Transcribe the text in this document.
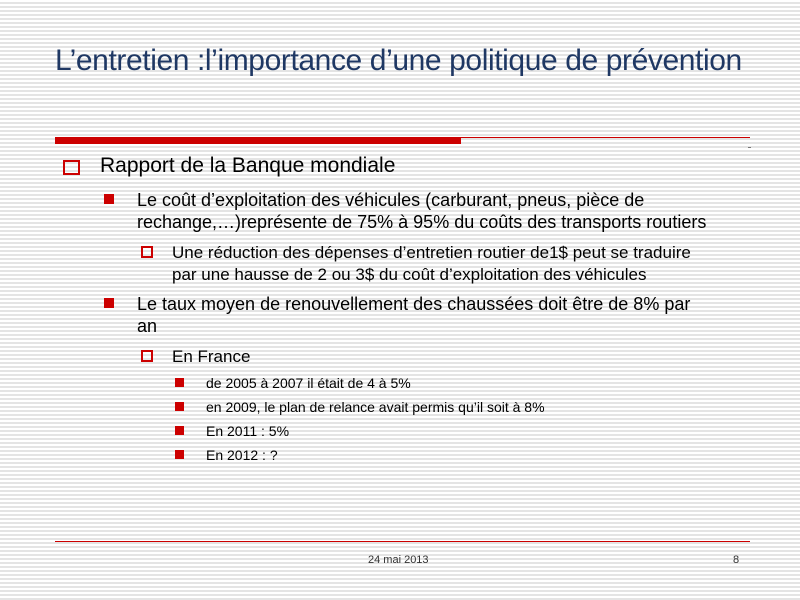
L’entretien :l’importance d’une politique de prévention
Rapport de la Banque mondiale
Le coût d’exploitation des véhicules (carburant, pneus, pièce de
rechange,…)représente de 75% à 95% du coûts des transports routiers
Une réduction des dépenses d’entretien routier de1$ peut se traduire
par une hausse de 2 ou 3$ du coût d’exploitation des véhicules
Le taux moyen de renouvellement des chaussées doit être de 8% par
an
En France
de 2005 à 2007 il était de 4 à 5%
en 2009, le plan de relance avait permis qu’il soit à 8%
En 2011 : 5%
En 2012 : ?
24 mai 2013	8
